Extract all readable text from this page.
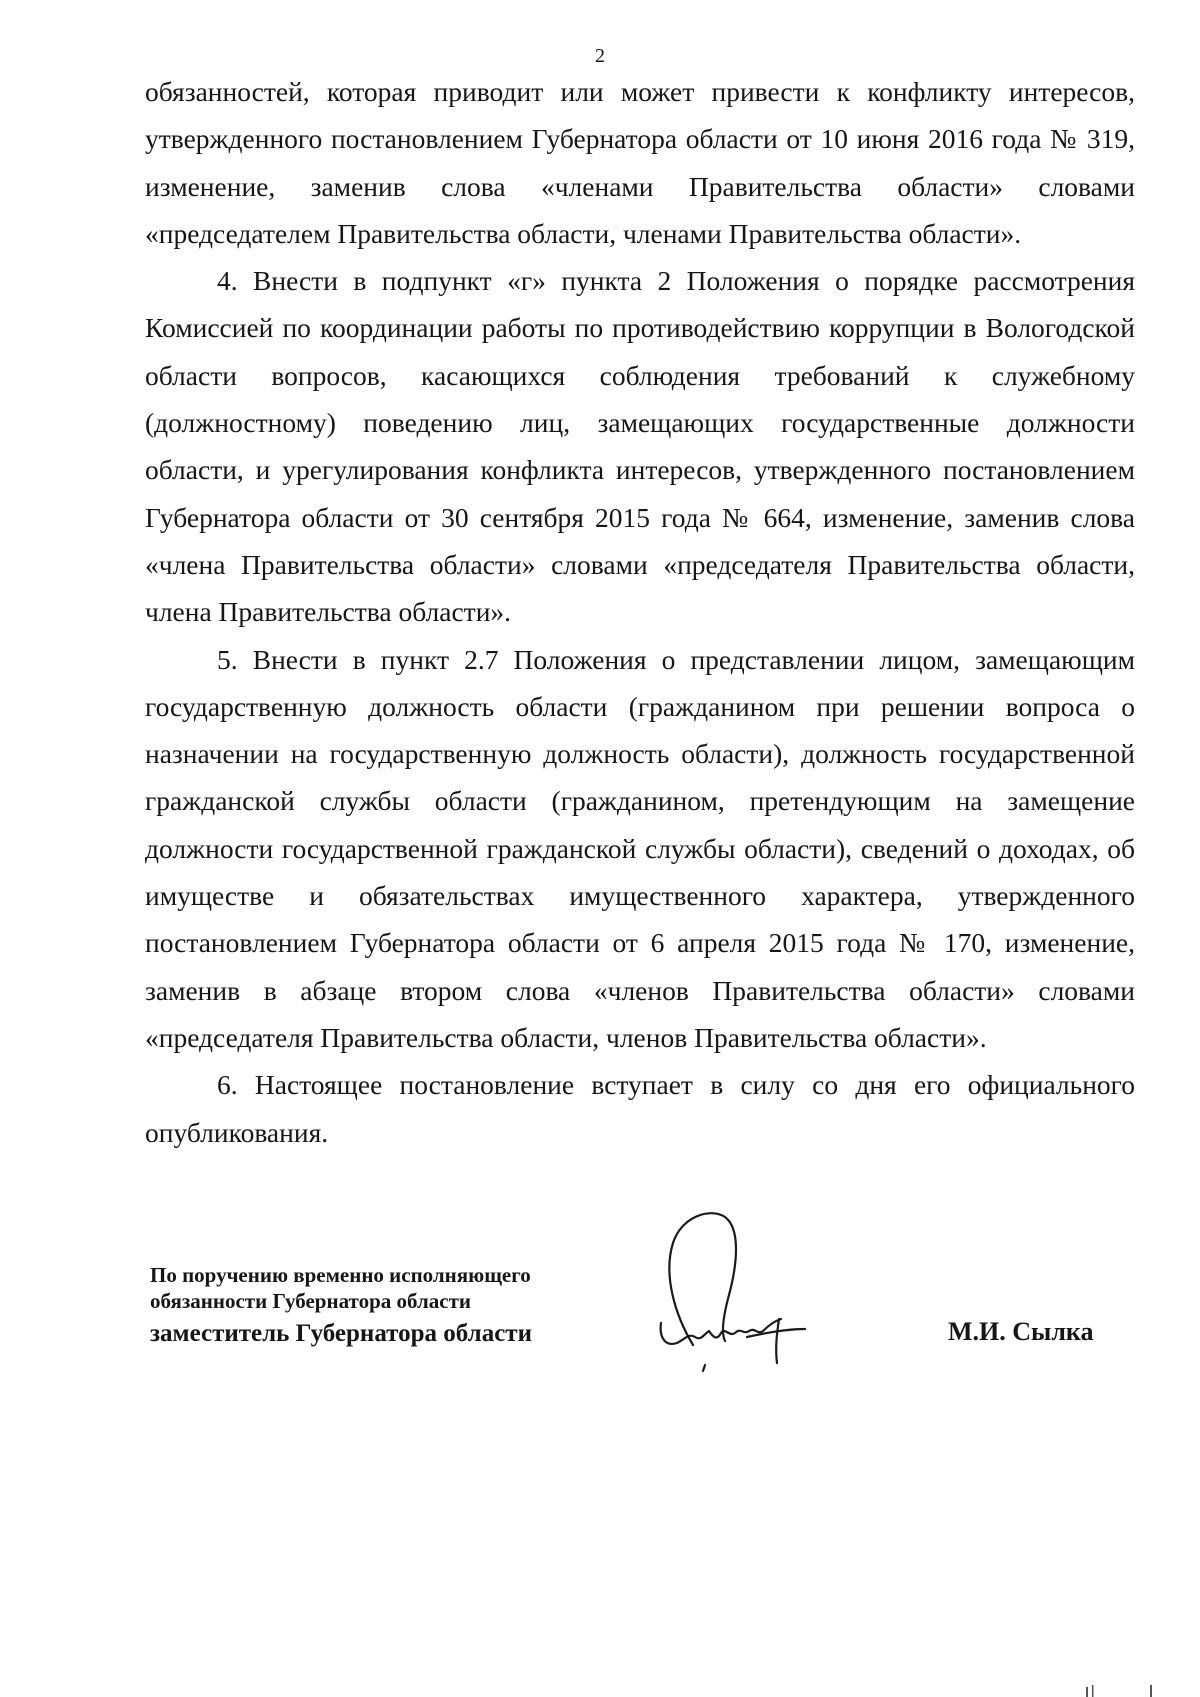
2

обязанностей, которая приводит или может привести к конфликту интересов, утвержденного постановлением Губернатора области от 10 июня 2016 года № 319, изменение, заменив слова «членами Правительства области» словами «председателем Правительства области, членами Правительства области».

4. Внести в подпункт «г» пункта 2 Положения о порядке рассмотрения Комиссией по координации работы по противодействию коррупции в Вологодской области вопросов, касающихся соблюдения требований к служебному (должностному) поведению лиц, замещающих государственные должности области, и урегулирования конфликта интересов, утвержденного постановлением Губернатора области от 30 сентября 2015 года № 664, изменение, заменив слова «члена Правительства области» словами «председателя Правительства области, члена Правительства области».

5. Внести в пункт 2.7 Положения о представлении лицом, замещающим государственную должность области (гражданином при решении вопроса о назначении на государственную должность области), должность государственной гражданской службы области (гражданином, претендующим на замещение должности государственной гражданской службы области), сведений о доходах, об имуществе и обязательствах имущественного характера, утвержденного постановлением Губернатора области от 6 апреля 2015 года № 170, изменение, заменив в абзаце втором слова «членов Правительства области» словами «председателя Правительства области, членов Правительства области».

6. Настоящее постановление вступает в силу со дня его официального опубликования.

По поручению временно исполняющего
обязанности Губернатора области
заместитель Губернатора области	М.И. Сылка
